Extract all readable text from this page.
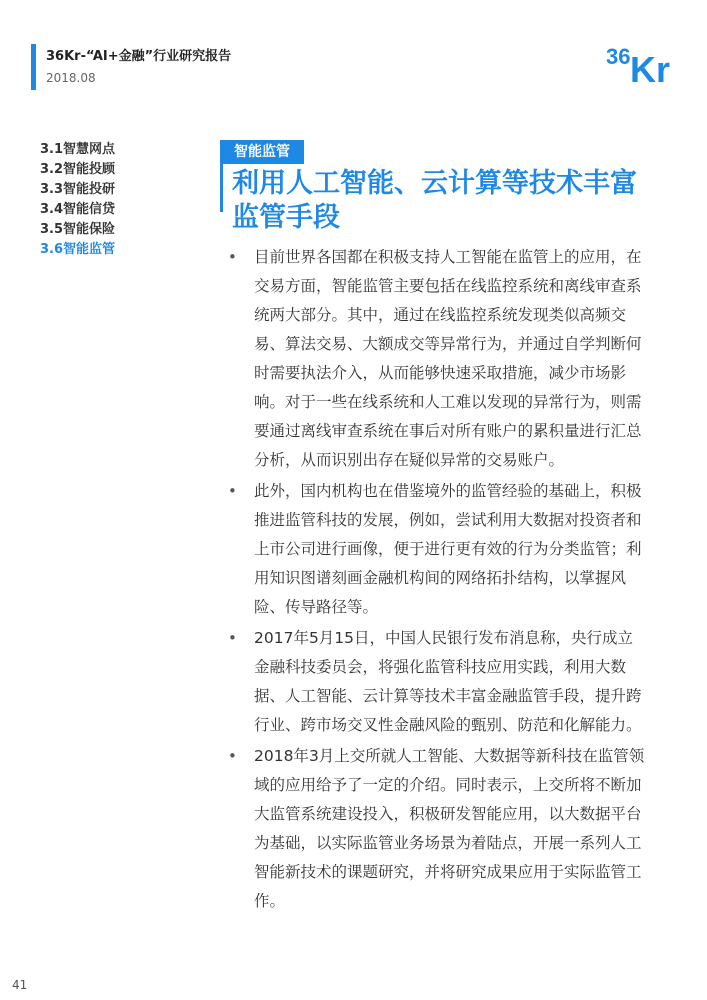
36Kr-“AI+金融”行业研究报告
2018.08
36 Kr
3.1智慧网点
3.2智能投顾
3.3智能投研
3.4智能信贷
3.5智能保险
3.6智能监管
智能监管
利用人工智能、云计算等技术丰富监管手段
• 目前世界各国都在积极支持人工智能在监管上的应用，在交易方面，智能监管主要包括在线监控系统和离线审查系统两大部分。其中，通过在线监控系统发现类似高频交易、算法交易、大额成交等异常行为，并通过自学判断何时需要执法介入，从而能够快速采取措施，减少市场影响。对于一些在线系统和人工难以发现的异常行为，则需要通过离线审查系统在事后对所有账户的累积量进行汇总分析，从而识别出存在疑似异常的交易账户。
• 此外，国内机构也在借鉴境外的监管经验的基础上，积极推进监管科技的发展，例如，尝试利用大数据对投资者和上市公司进行画像，便于进行更有效的行为分类监管；利用知识图谱刻画金融机构间的网络拓扑结构，以掌握风险、传导路径等。
• 2017年5月15日，中国人民银行发布消息称，央行成立金融科技委员会，将强化监管科技应用实践，利用大数据、人工智能、云计算等技术丰富金融监管手段，提升跨行业、跨市场交叉性金融风险的甄别、防范和化解能力。
• 2018年3月上交所就人工智能、大数据等新科技在监管领域的应用给予了一定的介绍。同时表示，上交所将不断加大监管系统建设投入，积极研发智能应用，以大数据平台为基础，以实际监管业务场景为着陆点，开展一系列人工智能新技术的课题研究，并将研究成果应用于实际监管工作。
41
